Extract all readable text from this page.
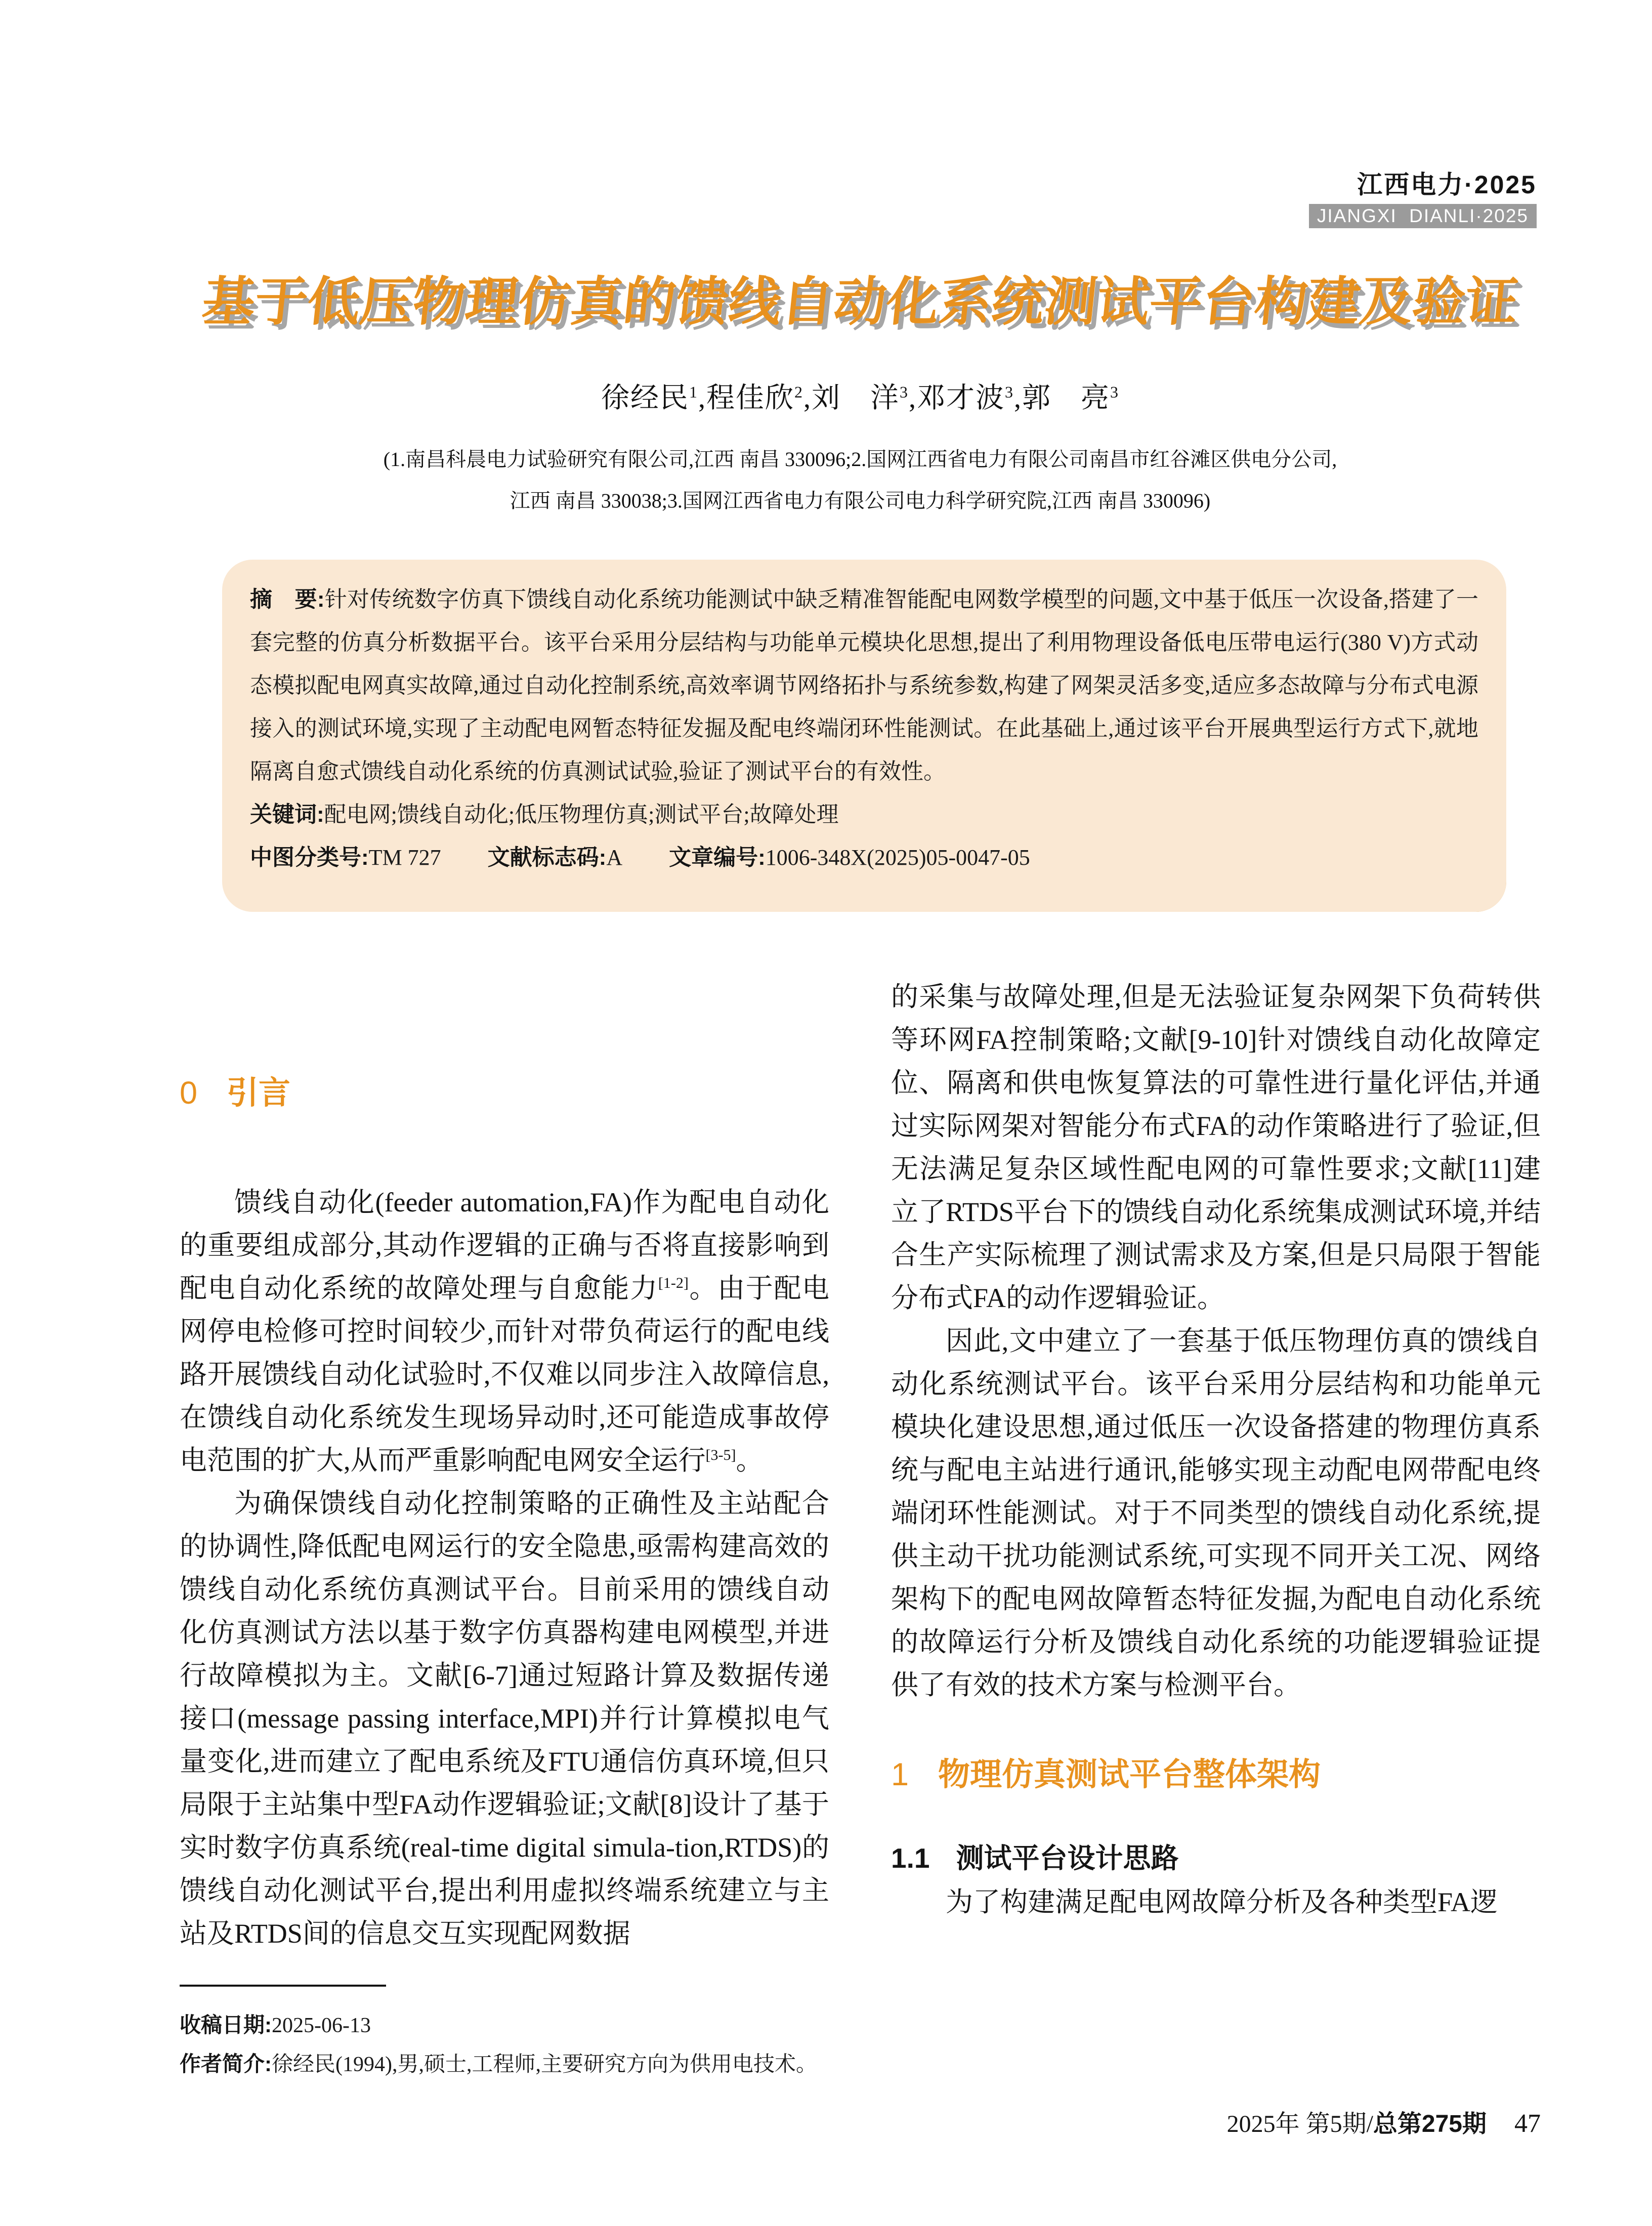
江西电力·2025
JIANGXI DIANLI·2025
基于低压物理仿真的馈线自动化系统测试平台构建及验证
徐经民$^1$,程佳欣$^2$,刘　洋$^3$,邓才波$^3$,郭　亮$^3$
(1.南昌科晨电力试验研究有限公司,江西 南昌 330096;2.国网江西省电力有限公司南昌市红谷滩区供电分公司,
江西 南昌 330038;3.国网江西省电力有限公司电力科学研究院,江西 南昌 330096)

摘　要:针对传统数字仿真下馈线自动化系统功能测试中缺乏精准智能配电网数学模型的问题,文中基于低压一次设备,搭建了一套完整的仿真分析数据平台。该平台采用分层结构与功能单元模块化思想,提出了利用物理设备低电压带电运行(380 V)方式动态模拟配电网真实故障,通过自动化控制系统,高效率调节网络拓扑与系统参数,构建了网架灵活多变,适应多态故障与分布式电源接入的测试环境,实现了主动配电网暂态特征发掘及配电终端闭环性能测试。在此基础上,通过该平台开展典型运行方式下,就地隔离自愈式馈线自动化系统的仿真测试试验,验证了测试平台的有效性。

关键词:配电网;馈线自动化;低压物理仿真;测试平台;故障处理

中图分类号:TM 727 文献标志码:A 文章编号:1006-348X(2025)05-0047-05

0 引言

馈线自动化(feeder automation,FA)作为配电自动化的重要组成部分,其动作逻辑的正确与否将直接影响到配电自动化系统的故障处理与自愈能力[1-2]。由于配电网停电检修可控时间较少,而针对带负荷运行的配电线路开展馈线自动化试验时,不仅难以同步注入故障信息,在馈线自动化系统发生现场异动时,还可能造成事故停电范围的扩大,从而严重影响配电网安全运行[3-5]。

为确保馈线自动化控制策略的正确性及主站配合的协调性,降低配电网运行的安全隐患,亟需构建高效的馈线自动化系统仿真测试平台。目前采用的馈线自动化仿真测试方法以基于数字仿真器构建电网模型,并进行故障模拟为主。文献[6-7]通过短路计算及数据传递接口(message passing interface,MPI)并行计算模拟电气量变化,进而建立了配电系统及FTU通信仿真环境,但只局限于主站集中型FA动作逻辑验证;文献[8]设计了基于实时数字仿真系统(real-time digital simula-tion,RTDS)的馈线自动化测试平台,提出利用虚拟终端系统建立与主站及RTDS间的信息交互实现配网数据

的采集与故障处理,但是无法验证复杂网架下负荷转供等环网FA控制策略;文献[9-10]针对馈线自动化故障定位、隔离和供电恢复算法的可靠性进行量化评估,并通过实际网架对智能分布式FA的动作策略进行了验证,但无法满足复杂区域性配电网的可靠性要求;文献[11]建立了RTDS平台下的馈线自动化系统集成测试环境,并结合生产实际梳理了测试需求及方案,但是只局限于智能分布式FA的动作逻辑验证。

因此,文中建立了一套基于低压物理仿真的馈线自动化系统测试平台。该平台采用分层结构和功能单元模块化建设思想,通过低压一次设备搭建的物理仿真系统与配电主站进行通讯,能够实现主动配电网带配电终端闭环性能测试。对于不同类型的馈线自动化系统,提供主动干扰功能测试系统,可实现不同开关工况、网络架构下的配电网故障暂态特征发掘,为配电自动化系统的故障运行分析及馈线自动化系统的功能逻辑验证提供了有效的技术方案与检测平台。

1 物理仿真测试平台整体架构
1.1 测试平台设计思路

为了构建满足配电网故障分析及各种类型FA逻

收稿日期:2025-06-13

作者简介:徐经民(1994),男,硕士,工程师,主要研究方向为供用电技术。

2025年 第5期/总第275期 47
